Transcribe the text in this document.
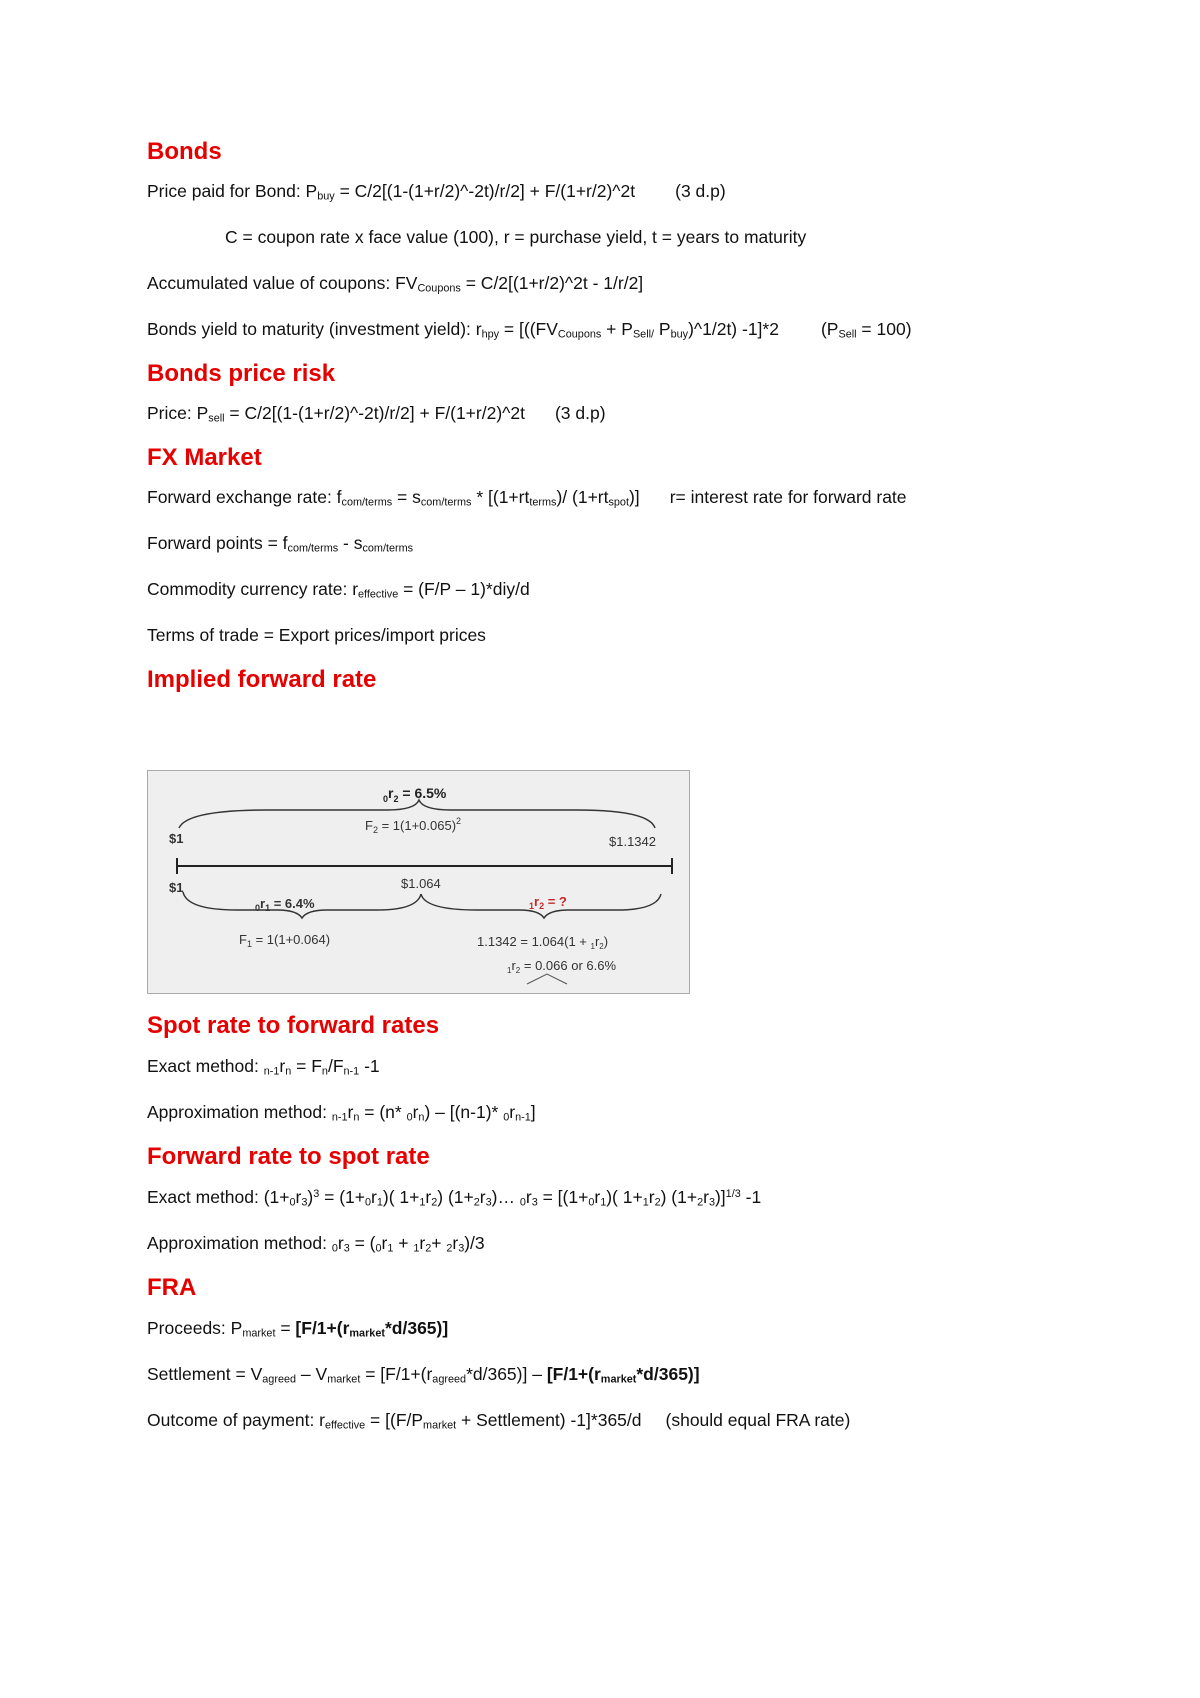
Bonds

Price paid for Bond: $P_{buy}$ = C/2[(1-(1+r/2)^-2t)/r/2] + F/(1+r/2)^2t (3 d.p)

C = coupon rate x face value (100), r = purchase yield, t = years to maturity

Accumulated value of coupons: $FV_{Coupons}$ = C/2[(1+r/2)^2t - 1/r/2]

Bonds yield to maturity (investment yield): $r_{hpy} = [((FV_{Coupons} + P_{Sell/}$ $P_{buy})\^{}1/2t$) -1]*2 $(P_{Sell} = 100)$

Bonds price risk

Price: $P_{sell}$ = C/2[(1-(1+r/2)^-2t)/r/2] + F/(1+r/2)^2t (3 d.p)

FX Market

Forward exchange rate: $f_{com/terms} = s_{com/terms} * [(1+rt_{terms})/$ $(1+rt_{spot})$] r= interest rate for forward rate

Forward points = $f_{com/terms} - s_{com/terms}$

Commodity currency rate: $r_{effective} = (F/P - 1)*diy/d$

Terms of trade = Export prices/import prices

Implied forward rate
$_0r_2 = 6.5\%$
$F_2 = 1(1+0.065)^2$
$1	$1.1342
$1	$1.064
$_0r_1 = 6.4\%$	$_1r_2$ = ?
$F_1 = 1(1+0.064)$	$1.1342 = 1.064(1 + _1r_2)$
$_1r_2 = 0.066$ or 6.6%
Spot rate to forward rates

Exact method: $_{n-1}r_n = F_n/F_{n-1}$ -1

Approximation method: $_{n-1}r_n = (n*$ $_0r_n) - [(n-1)*$ $_0r_{n-1}$]

Forward rate to spot rate

Exact method: $(1+_0r_3)^3 = (1+_0r_1)$( $1+_1r_2$) $(1+_2r_3)\dots$ $_0r_3 = [(1+_0r_1)$( $1+_1r_2$) $(1+_2r_3)]^{1/3}$ -1

Approximation method: $_0r_3 = (_0r_1 + _1r_2+ _2r_3)/3$

FRA

Proceeds: $P_{market} = [F/1+(r_{market}*d/365)]$

Settlement = $V_{agreed} - V_{market} = [F/1+(r_{agreed}*d/365)] - [F/1+(r_{market}*d/365)]$

Outcome of payment: $r_{effective} = [(F/P_{market}$ + Settlement) -1]*365/d (should equal FRA rate)
